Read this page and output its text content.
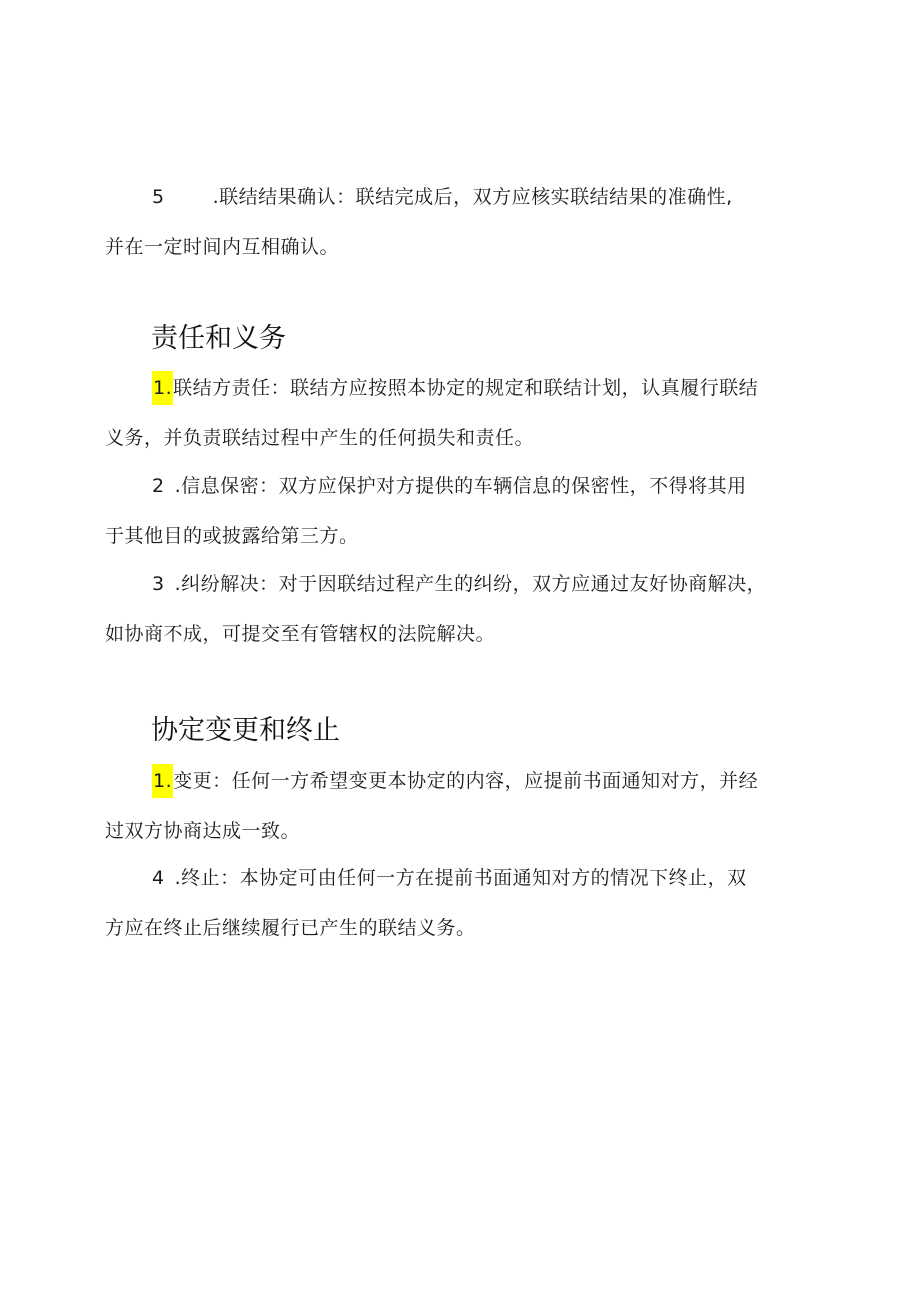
5	.联结结果确认：联结完成后，双方应核实联结结果的准确性,
并在一定时间内互相确认。
责任和义务
1.联结方责任：联结方应按照本协定的规定和联结计划，认真履行联结
义务，并负责联结过程中产生的任何损失和责任。
2 .信息保密：双方应保护对方提供的车辆信息的保密性，不得将其用
于其他目的或披露给第三方。
3 .纠纷解决：对于因联结过程产生的纠纷，双方应通过友好协商解决，
如协商不成，可提交至有管辖权的法院解决。
协定变更和终止
1.变更：任何一方希望变更本协定的内容，应提前书面通知对方，并经
过双方协商达成一致。
4 .终止：本协定可由任何一方在提前书面通知对方的情况下终止，双
方应在终止后继续履行已产生的联结义务。
